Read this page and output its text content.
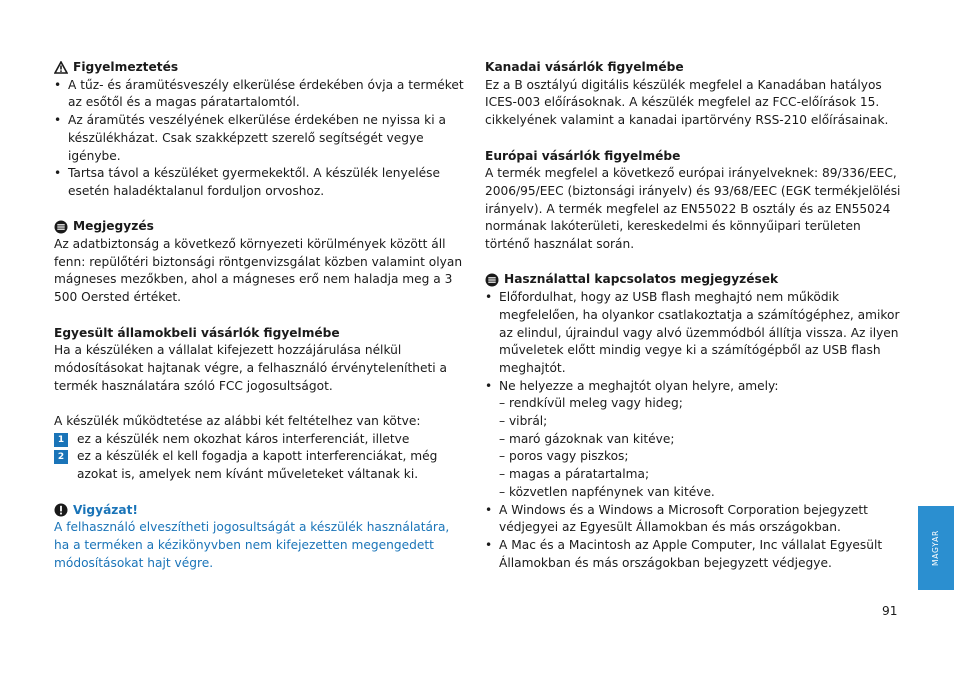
Figyelmeztetés

• A tűz- és áramütésveszély elkerülése érdekében óvja a terméket az esőtől és a magas páratartalomtól.
• Az áramütés veszélyének elkerülése érdekében ne nyissa ki a készülékházat. Csak szakképzett szerelő segítségét vegye igénybe.
• Tartsa távol a készüléket gyermekektől. A készülék lenyelése esetén haladéktalanul forduljon orvoshoz.

Megjegyzés

Az adatbiztonság a következő környezeti körülmények között áll fenn: repülőtéri biztonsági röntgenvizsgálat közben valamint olyan mágneses mezőkben, ahol a mágneses erő nem haladja meg a 3 500 Oersted értéket.

Egyesült államokbeli vásárlók figyelmébe

Ha a készüléken a vállalat kifejezett hozzájárulása nélkül módosításokat hajtanak végre, a felhasználó érvénytelenítheti a termék használatára szóló FCC jogosultságot.

A készülék működtetése az alábbi két feltételhez van kötve:

1	ez a készülék nem okozhat káros interferenciát, illetve
2	ez a készülék el kell fogadja a kapott interferenciákat, még azokat is, amelyek nem kívánt műveleteket váltanak ki.

Vigyázat!

A felhasználó elveszítheti jogosultságát a készülék használatára,

ha a terméken a kézikönyvben nem kifejezetten megengedett

módosításokat hajt végre.

Kanadai vásárlók figyelmébe

Ez a B osztályú digitális készülék megfelel a Kanadában hatályos ICES-003 előírásoknak. A készülék megfelel az FCC-előírások 15. cikkelyének valamint a kanadai ipartörvény RSS-210 előírásainak.

Európai vásárlók figyelmébe

A termék megfelel a következő európai irányelveknek: 89/336/EEC, 2006/95/EEC (biztonsági irányelv) és 93/68/EEC (EGK termékjelölési irányelv). A termék megfelel az EN55022 B osztály és az EN55024 normának lakóterületi, kereskedelmi és könnyűipari területen történő használat során.

Használattal kapcsolatos megjegyzések

• Előfordulhat, hogy az USB flash meghajtó nem működik megfelelően, ha olyankor csatlakoztatja a számítógéphez, amikor az elindul, újraindul vagy alvó üzemmódból állítja vissza. Az ilyen műveletek előtt mindig vegye ki a számítógépből az USB flash meghajtót.
• Ne helyezze a meghajtót olyan helyre, amely:

– rendkívül meleg vagy hideg;

– vibrál;

– maró gázoknak van kitéve;

– poros vagy piszkos;

– magas a páratartalma;

– közvetlen napfénynek van kitéve.

• A Windows és a Windows a Microsoft Corporation bejegyzett védjegyei az Egyesült Államokban és más országokban.
• A Mac és a Macintosh az Apple Computer, Inc vállalat Egyesült Államokban és más országokban bejegyzett védjegye.	MAGYAR
91
